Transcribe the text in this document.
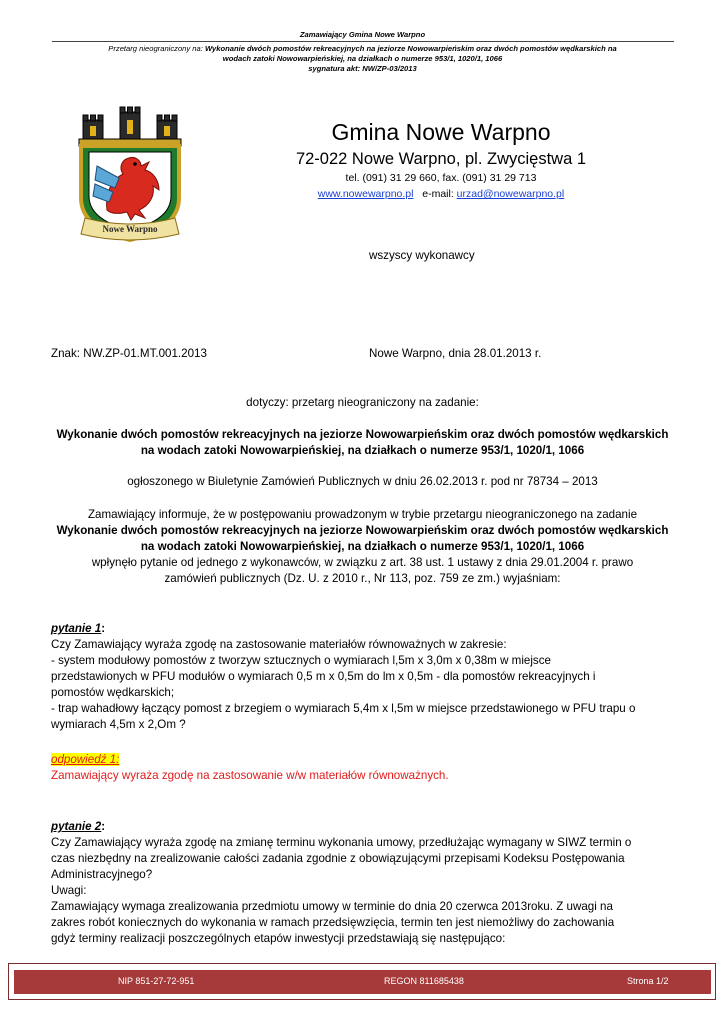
Zamawiający Gmina Nowe Warpno
Przetarg nieograniczony na: Wykonanie dwóch pomostów rekreacyjnych na jeziorze Nowowarpieńskim oraz dwóch pomostów wędkarskich na
wodach zatoki Nowowarpieńskiej, na działkach o numerze 953/1, 1020/1, 1066
sygnatura akt: NW/ZP-03/2013
Nowe Warpno
Gmina Nowe Warpno
72-022 Nowe Warpno, pl. Zwycięstwa 1
tel. (091) 31 29 660, fax. (091) 31 29 713
www.nowewarpno.pl e-mail: urzad@nowewarpno.pl
wszyscy wykonawcy
Znak: NW.ZP-01.MT.001.2013	Nowe Warpno, dnia 28.01.2013 r.
dotyczy: przetarg nieograniczony na zadanie:
Wykonanie dwóch pomostów rekreacyjnych na jeziorze Nowowarpieńskim oraz dwóch pomostów wędkarskich
na wodach zatoki Nowowarpieńskiej, na działkach o numerze 953/1, 1020/1, 1066
ogłoszonego w Biuletynie Zamówień Publicznych w dniu 26.02.2013 r. pod nr 78734 – 2013
Zamawiający informuje, że w postępowaniu prowadzonym w trybie przetargu nieograniczonego na zadanie
Wykonanie dwóch pomostów rekreacyjnych na jeziorze Nowowarpieńskim oraz dwóch pomostów wędkarskich
na wodach zatoki Nowowarpieńskiej, na działkach o numerze 953/1, 1020/1, 1066
wpłynęło pytanie od jednego z wykonawców, w związku z art. 38 ust. 1 ustawy z dnia 29.01.2004 r. prawo
zamówień publicznych (Dz. U. z 2010 r., Nr 113, poz. 759 ze zm.) wyjaśniam:
pytanie 1:
Czy Zamawiający wyraża zgodę na zastosowanie materiałów równoważnych w zakresie:
- system modułowy pomostów z tworzyw sztucznych o wymiarach l,5m x 3,0m x 0,38m w miejsce
przedstawionych w PFU modułów o wymiarach 0,5 m x 0,5m do lm x 0,5m - dla pomostów rekreacyjnych i
pomostów wędkarskich;
- trap wahadłowy łączący pomost z brzegiem o wymiarach 5,4m x l,5m w miejsce przedstawionego w PFU trapu o
wymiarach 4,5m x 2,Om ?
odpowiedź 1:
Zamawiający wyraża zgodę na zastosowanie w/w materiałów równoważnych.
pytanie 2:
Czy Zamawiający wyraża zgodę na zmianę terminu wykonania umowy, przedłużając wymagany w SIWZ termin o
czas niezbędny na zrealizowanie całości zadania zgodnie z obowiązującymi przepisami Kodeksu Postępowania
Administracyjnego?
Uwagi:
Zamawiający wymaga zrealizowania przedmiotu umowy w terminie do dnia 20 czerwca 2013roku. Z uwagi na
zakres robót koniecznych do wykonania w ramach przedsięwzięcia, termin ten jest niemożliwy do zachowania
gdyż terminy realizacji poszczególnych etapów inwestycji przedstawiają się następująco:
NIP 851-27-72-951	REGON 811685438	Strona 1/2
